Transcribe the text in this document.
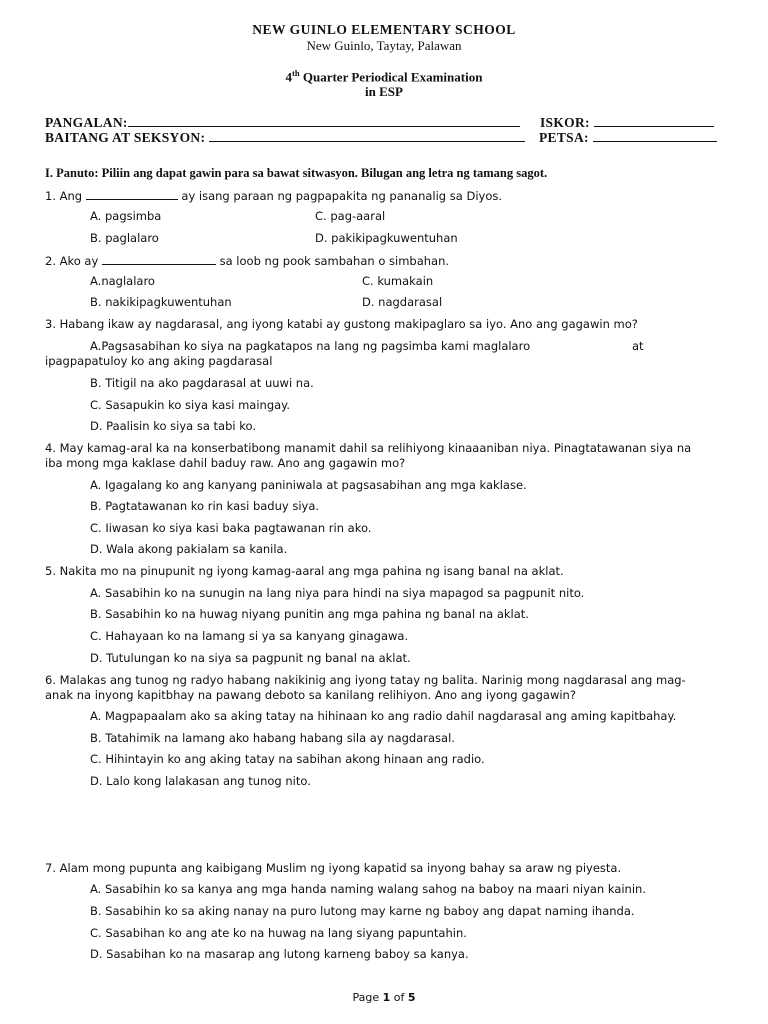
NEW GUINLO ELEMENTARY SCHOOL
New Guinlo, Taytay, Palawan
4th Quarter Periodical Examination
in ESP
PANGALAN:	ISKOR:
BAITANG AT SEKSYON:	PETSA:
I. Panuto: Piliin ang dapat gawin para sa bawat sitwasyon. Bilugan ang letra ng tamang sagot.
1. Ang	ay isang paraan ng pagpapakita ng pananalig sa Diyos.
A. pagsimba	C. pag-aaral
B. paglalaro	D. pakikipagkuwentuhan
2. Ako ay	sa loob ng pook sambahan o simbahan.
A.naglalaro	C. kumakain
B. nakikipagkuwentuhan	D. nagdarasal
3. Habang ikaw ay nagdarasal, ang iyong katabi ay gustong makipaglaro sa iyo. Ano ang gagawin mo?
A.Pagsasabihan ko siya na pagkatapos na lang ng pagsimba kami maglalaro	at
ipagpapatuloy ko ang aking pagdarasal
B. Titigil na ako pagdarasal at uuwi na.
C. Sasapukin ko siya kasi maingay.
D. Paalisin ko siya sa tabi ko.
4. May kamag-aral ka na konserbatibong manamit dahil sa relihiyong kinaaaniban niya. Pinagtatawanan siya na
iba mong mga kaklase dahil baduy raw. Ano ang gagawin mo?
A. Igagalang ko ang kanyang paniniwala at pagsasabihan ang mga kaklase.
B. Pagtatawanan ko rin kasi baduy siya.
C. Iiwasan ko siya kasi baka pagtawanan rin ako.
D. Wala akong pakialam sa kanila.
5. Nakita mo na pinupunit ng iyong kamag-aaral ang mga pahina ng isang banal na aklat.
A. Sasabihin ko na sunugin na lang niya para hindi na siya mapagod sa pagpunit nito.
B. Sasabihin ko na huwag niyang punitin ang mga pahina ng banal na aklat.
C. Hahayaan ko na lamang si ya sa kanyang ginagawa.
D. Tutulungan ko na siya sa pagpunit ng banal na aklat.
6. Malakas ang tunog ng radyo habang nakikinig ang iyong tatay ng balita. Narinig mong nagdarasal ang mag-
anak na inyong kapitbhay na pawang deboto sa kanilang relihiyon. Ano ang iyong gagawin?
A. Magpapaalam ako sa aking tatay na hihinaan ko ang radio dahil nagdarasal ang aming kapitbahay.
B. Tatahimik na lamang ako habang habang sila ay nagdarasal.
C. Hihintayin ko ang aking tatay na sabihan akong hinaan ang radio.
D. Lalo kong lalakasan ang tunog nito.
7. Alam mong pupunta ang kaibigang Muslim ng iyong kapatid sa inyong bahay sa araw ng piyesta.
A. Sasabihin ko sa kanya ang mga handa naming walang sahog na baboy na maari niyan kainin.
B. Sasabihin ko sa aking nanay na puro lutong may karne ng baboy ang dapat naming ihanda.
C. Sasabihan ko ang ate ko na huwag na lang siyang papuntahin.
D. Sasabihan ko na masarap ang lutong karneng baboy sa kanya.
Page 1 of 5
